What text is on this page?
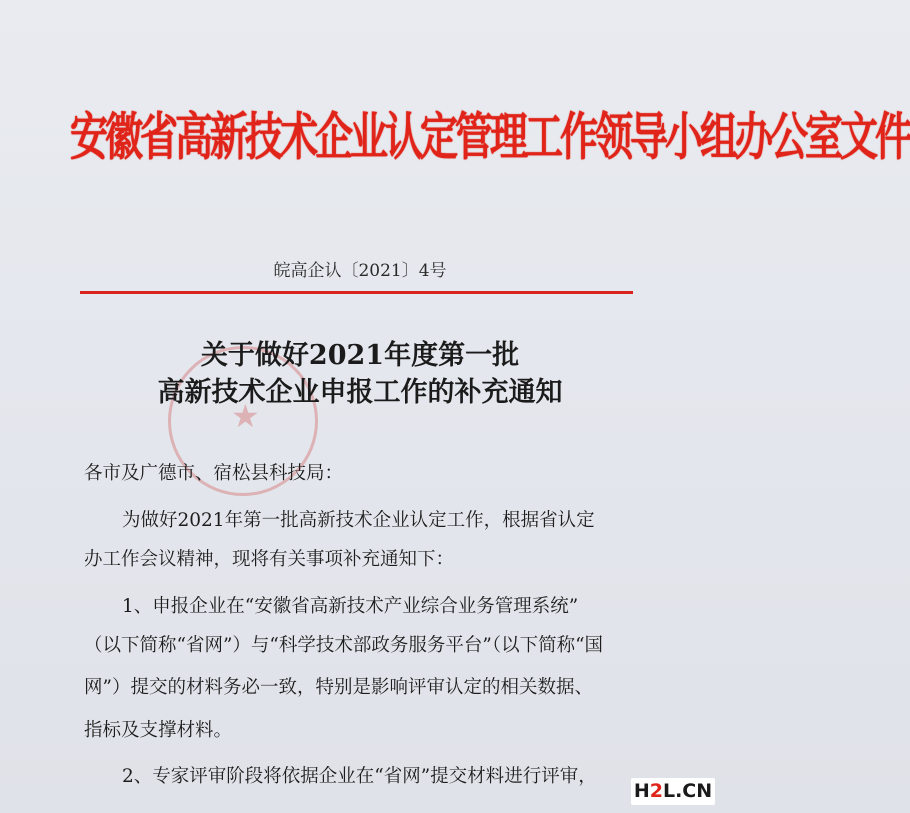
安徽省高新技术企业认定管理工作领导小组办公室文件
皖高企认〔2021〕4号
★
关于做好2021年度第一批
高新技术企业申报工作的补充通知
各市及广德市、宿松县科技局：
为做好2021年第一批高新技术企业认定工作，根据省认定
办工作会议精神，现将有关事项补充通知下：
1、申报企业在“安徽省高新技术产业综合业务管理系统”
（以下简称“省网”）与“科学技术部政务服务平台”（以下简称“国
网”）提交的材料务必一致，特别是影响评审认定的相关数据、
指标及支撑材料。
2、专家评审阶段将依据企业在“省网”提交材料进行评审，
H2L.CN
